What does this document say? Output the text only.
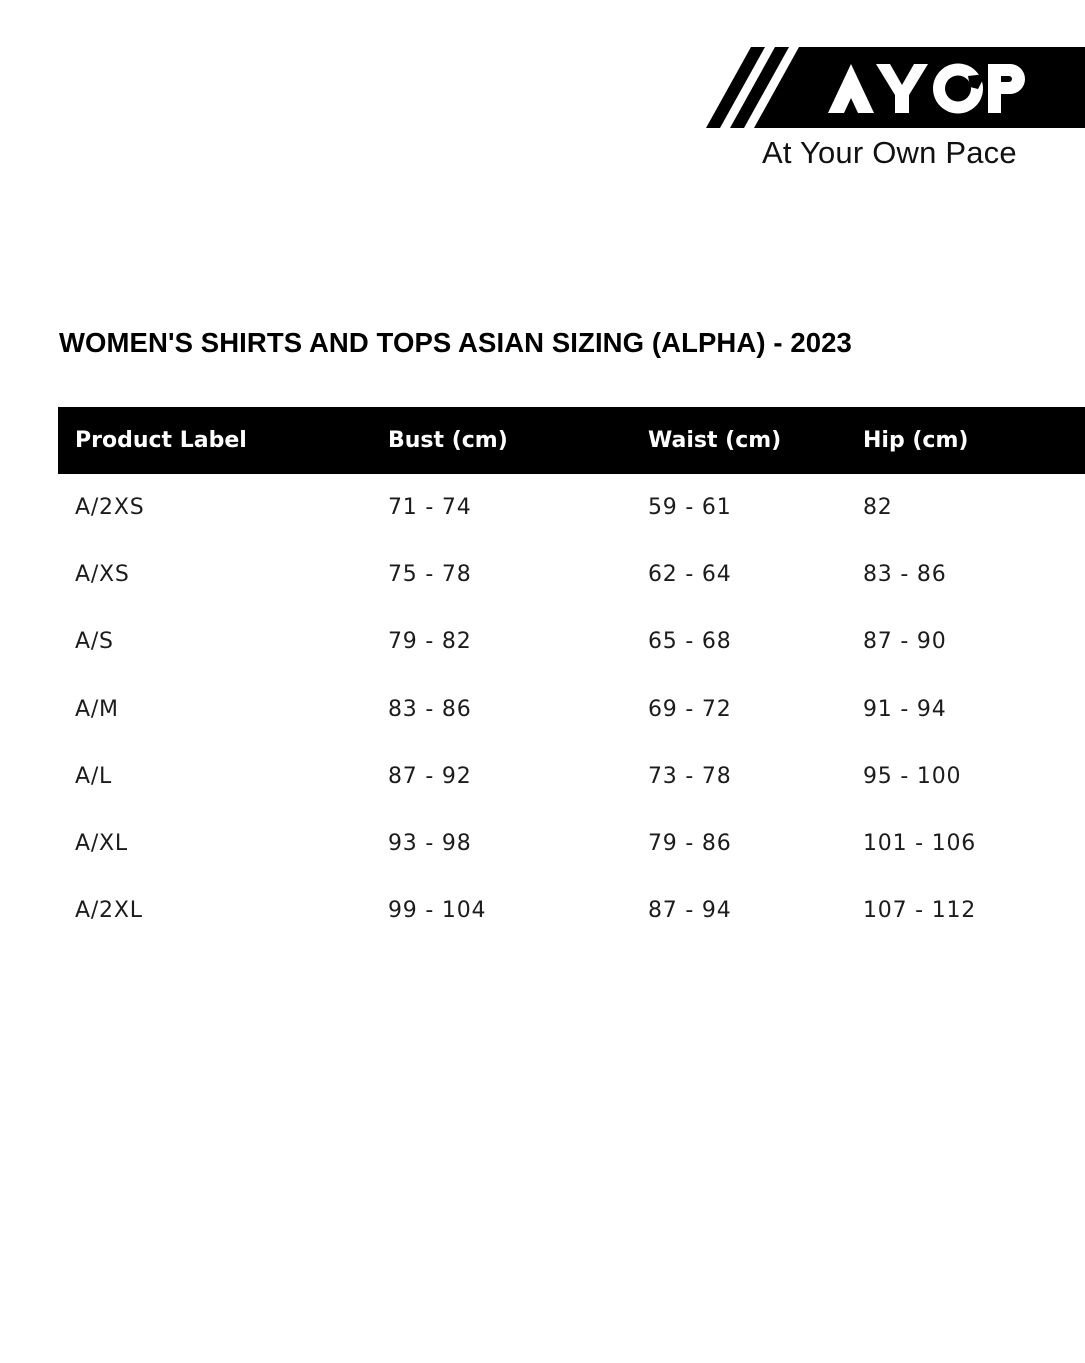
At Your Own Pace
WOMEN'S SHIRTS AND TOPS ASIAN SIZING (ALPHA) - 2023
Product Label	Bust (cm)	Waist (cm)	Hip (cm)
A/2XS	71 - 74	59 - 61	82
A/XS	75 - 78	62 - 64	83 - 86
A/S	79 - 82	65 - 68	87 - 90
A/M	83 - 86	69 - 72	91 - 94
A/L	87 - 92	73 - 78	95 - 100
A/XL	93 - 98	79 - 86	101 - 106
A/2XL	99 - 104	87 - 94	107 - 112
